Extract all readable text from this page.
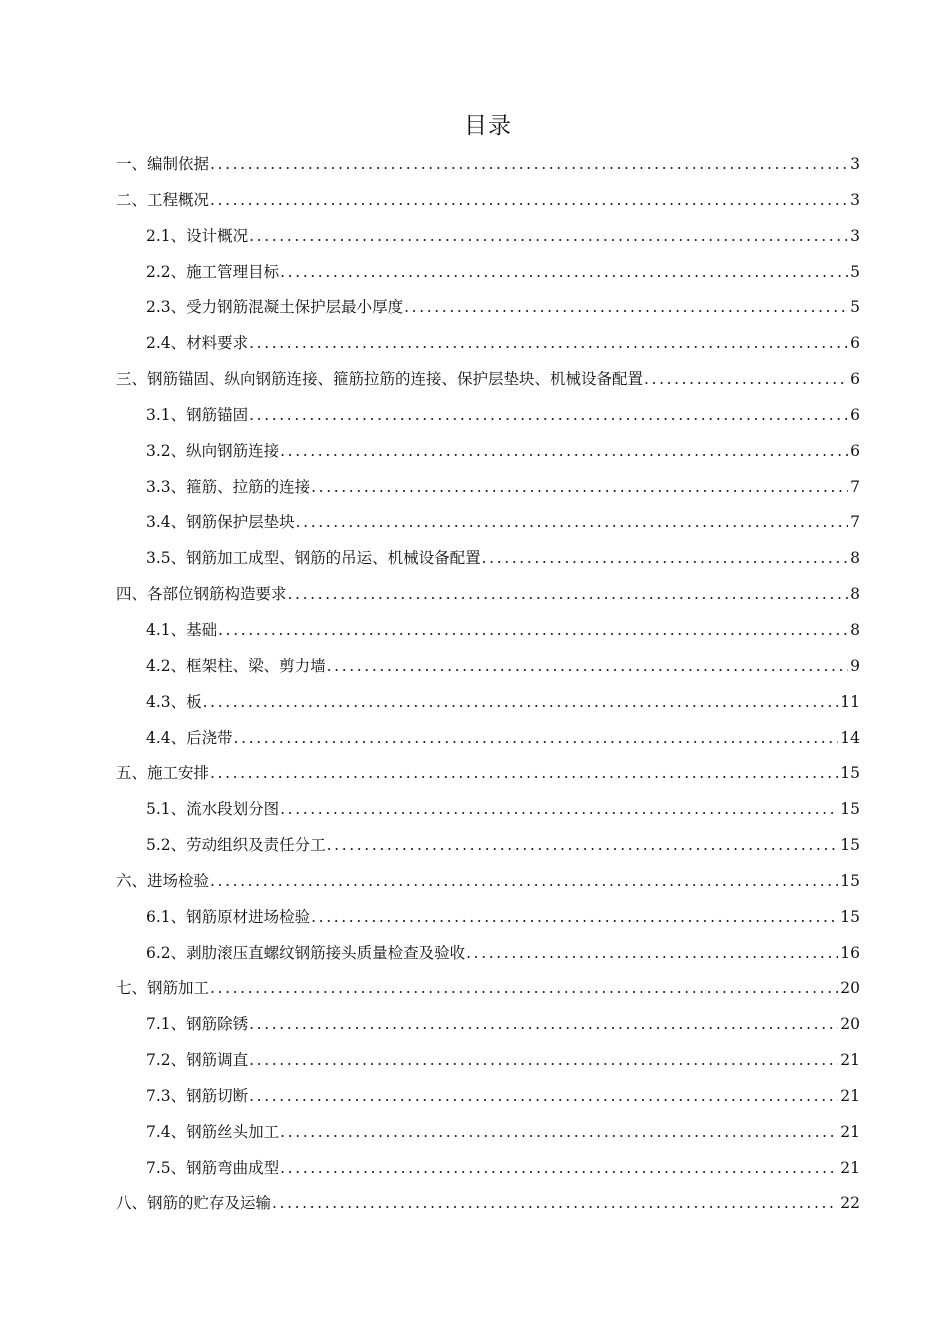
目录
一、编制依据 .....	3
二、工程概况 .....	3
2.1、设计概况 .....	3
2.2、施工管理目标 .....	5
2.3、受力钢筋混凝土保护层最小厚度 .....	5
2.4、材料要求 .....	6
三、钢筋锚固、纵向钢筋连接、箍筋拉筋的连接、保护层垫块、机械设备配置 .....	6
3.1、钢筋锚固 .....	6
3.2、纵向钢筋连接 .....	6
3.3、箍筋、拉筋的连接 .....	7
3.4、钢筋保护层垫块 .....	7
3.5、钢筋加工成型、钢筋的吊运、机械设备配置 .....	8
四、各部位钢筋构造要求 .....	8
4.1、基础 .....	8
4.2、框架柱、梁、剪力墙 .....	9
4.3、板 .....	11
4.4、后浇带 .....	14
五、施工安排 .....	15
5.1、流水段划分图 .....	15
5.2、劳动组织及责任分工 .....	15
六、进场检验 .....	15
6.1、钢筋原材进场检验 .....	15
6.2、剥肋滚压直螺纹钢筋接头质量检查及验收 .....	16
七、钢筋加工 .....	20
7.1、钢筋除锈 .....	20
7.2、钢筋调直 .....	21
7.3、钢筋切断 .....	21
7.4、钢筋丝头加工 .....	21
7.5、钢筋弯曲成型 .....	21
八、钢筋的贮存及运输 .....	22
